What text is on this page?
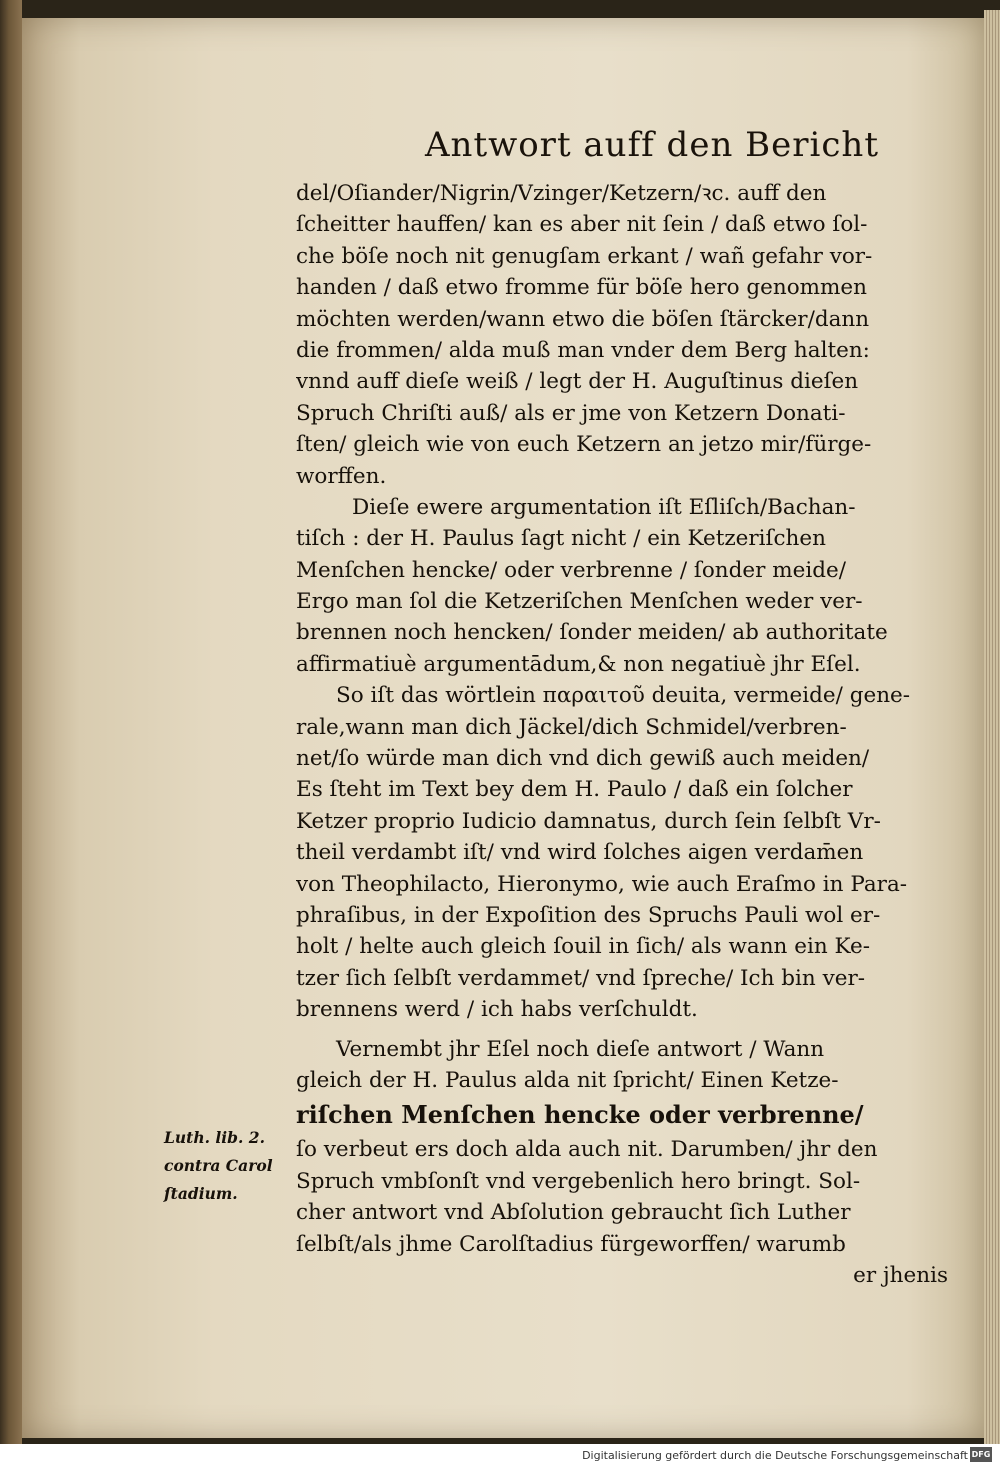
Antwort auff den Bericht
del/Oſiander/Nigrin/Vzinger/Ketzern/ꝛc. auff den
ſcheitter hauffen/ kan es aber nit ſein / daß etwo ſol-
che böſe noch nit genugſam erkant / wañ gefahr vor-
handen / daß etwo fromme für böſe hero genommen
möchten werden/wann etwo die böſen ſtärcker/dann
die frommen/ alda muß man vnder dem Berg halten:
vnnd auff dieſe weiß / legt der H. Auguſtinus dieſen
Spruch Chriſti auß/ als er jme von Ketzern Donati-
ſten/ gleich wie von euch Ketzern an jetzo mir/fürge-
worffen.
Dieſe ewere argumentation iſt Eſliſch/Bachan-
tiſch : der H. Paulus ſagt nicht / ein Ketzeriſchen
Menſchen hencke/ oder verbrenne / ſonder meide/
Ergo man ſol die Ketzeriſchen Menſchen weder ver-
brennen noch hencken/ ſonder meiden/ ab authoritate
affirmatiuè argumentādum,& non negatiuè jhr Eſel.
So iſt das wörtlein παραιτοῦ deuita, vermeide/ gene-
rale,wann man dich Jäckel/dich Schmidel/verbren-
net/ſo würde man dich vnd dich gewiß auch meiden/
Es ſteht im Text bey dem H. Paulo / daß ein ſolcher
Ketzer proprio Iudicio damnatus, durch ſein ſelbſt Vr-
theil verdambt iſt/ vnd wird ſolches aigen verdam̄en
von Theophilacto, Hieronymo, wie auch Eraſmo in Para-
phraſibus, in der Expoſition des Spruchs Pauli wol er-
holt / helte auch gleich ſouil in ſich/ als wann ein Ke-
tzer ſich ſelbſt verdammet/ vnd ſpreche/ Ich bin ver-
brennens werd / ich habs verſchuldt.
Vernembt jhr Eſel noch dieſe antwort / Wann
gleich der H. Paulus alda nit ſpricht/ Einen Ketze-
riſchen Menſchen hencke oder verbrenne/
ſo verbeut ers doch alda auch nit. Darumben/ jhr den
Spruch vmbſonſt vnd vergebenlich hero bringt. Sol-
cher antwort vnd Abſolution gebraucht ſich Luther
ſelbſt/als jhme Carolſtadius fürgeworffen/ warumb
er jhenis
Luth. lib. 2.
contra Carol
ſtadium.
Digitalisierung gefördert durch die Deutsche Forschungsgemeinschaft DFG
